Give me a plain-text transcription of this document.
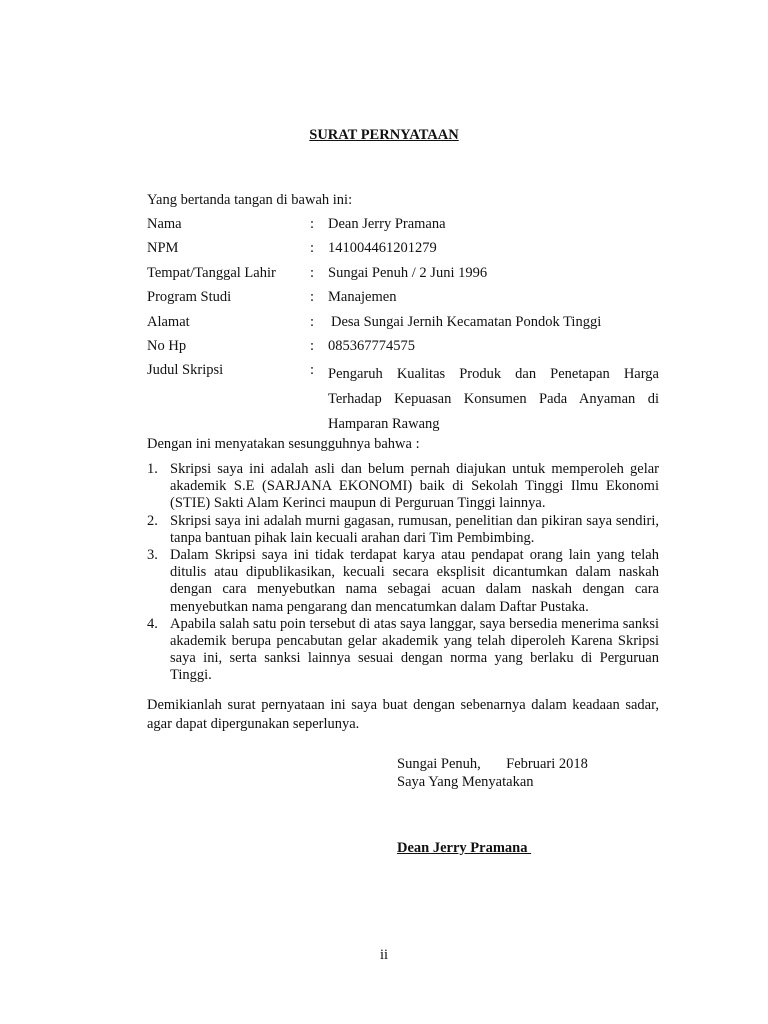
SURAT PERNYATAAN
Yang bertanda tangan di bawah ini:
Nama	: Dean Jerry Pramana
NPM	: 141004461201279
Tempat/Tanggal Lahir : Sungai Penuh / 2 Juni 1996
Program Studi	: Manajemen
Alamat	: Desa Sungai Jernih Kecamatan Pondok Tinggi
No Hp	: 085367774575
Judul Skripsi	: Pengaruh Kualitas Produk dan Penetapan Harga
Terhadap Kepuasan Konsumen Pada Anyaman di
Hamparan Rawang
Dengan ini menyatakan sesungguhnya bahwa :
1. Skripsi saya ini adalah asli dan belum pernah diajukan untuk memperoleh gelar akademik S.E (SARJANA EKONOMI) baik di Sekolah Tinggi Ilmu Ekonomi (STIE) Sakti Alam Kerinci maupun di Perguruan Tinggi lainnya.
2. Skripsi saya ini adalah murni gagasan, rumusan, penelitian dan pikiran saya sendiri, tanpa bantuan pihak lain kecuali arahan dari Tim Pembimbing.
3. Dalam Skripsi saya ini tidak terdapat karya atau pendapat orang lain yang telah ditulis atau dipublikasikan, kecuali secara eksplisit dicantumkan dalam naskah dengan cara menyebutkan nama sebagai acuan dalam naskah dengan cara menyebutkan nama pengarang dan mencatumkan dalam Daftar Pustaka.
4. Apabila salah satu poin tersebut di atas saya langgar, saya bersedia menerima sanksi akademik berupa pencabutan gelar akademik yang telah diperoleh Karena Skripsi saya ini, serta sanksi lainnya sesuai dengan norma yang berlaku di Perguruan Tinggi.
Demikianlah surat pernyataan ini saya buat dengan sebenarnya dalam keadaan sadar, agar dapat dipergunakan seperlunya.
Sungai Penuh,       Februari 2018
Saya Yang Menyatakan
Dean Jerry Pramana
ii
